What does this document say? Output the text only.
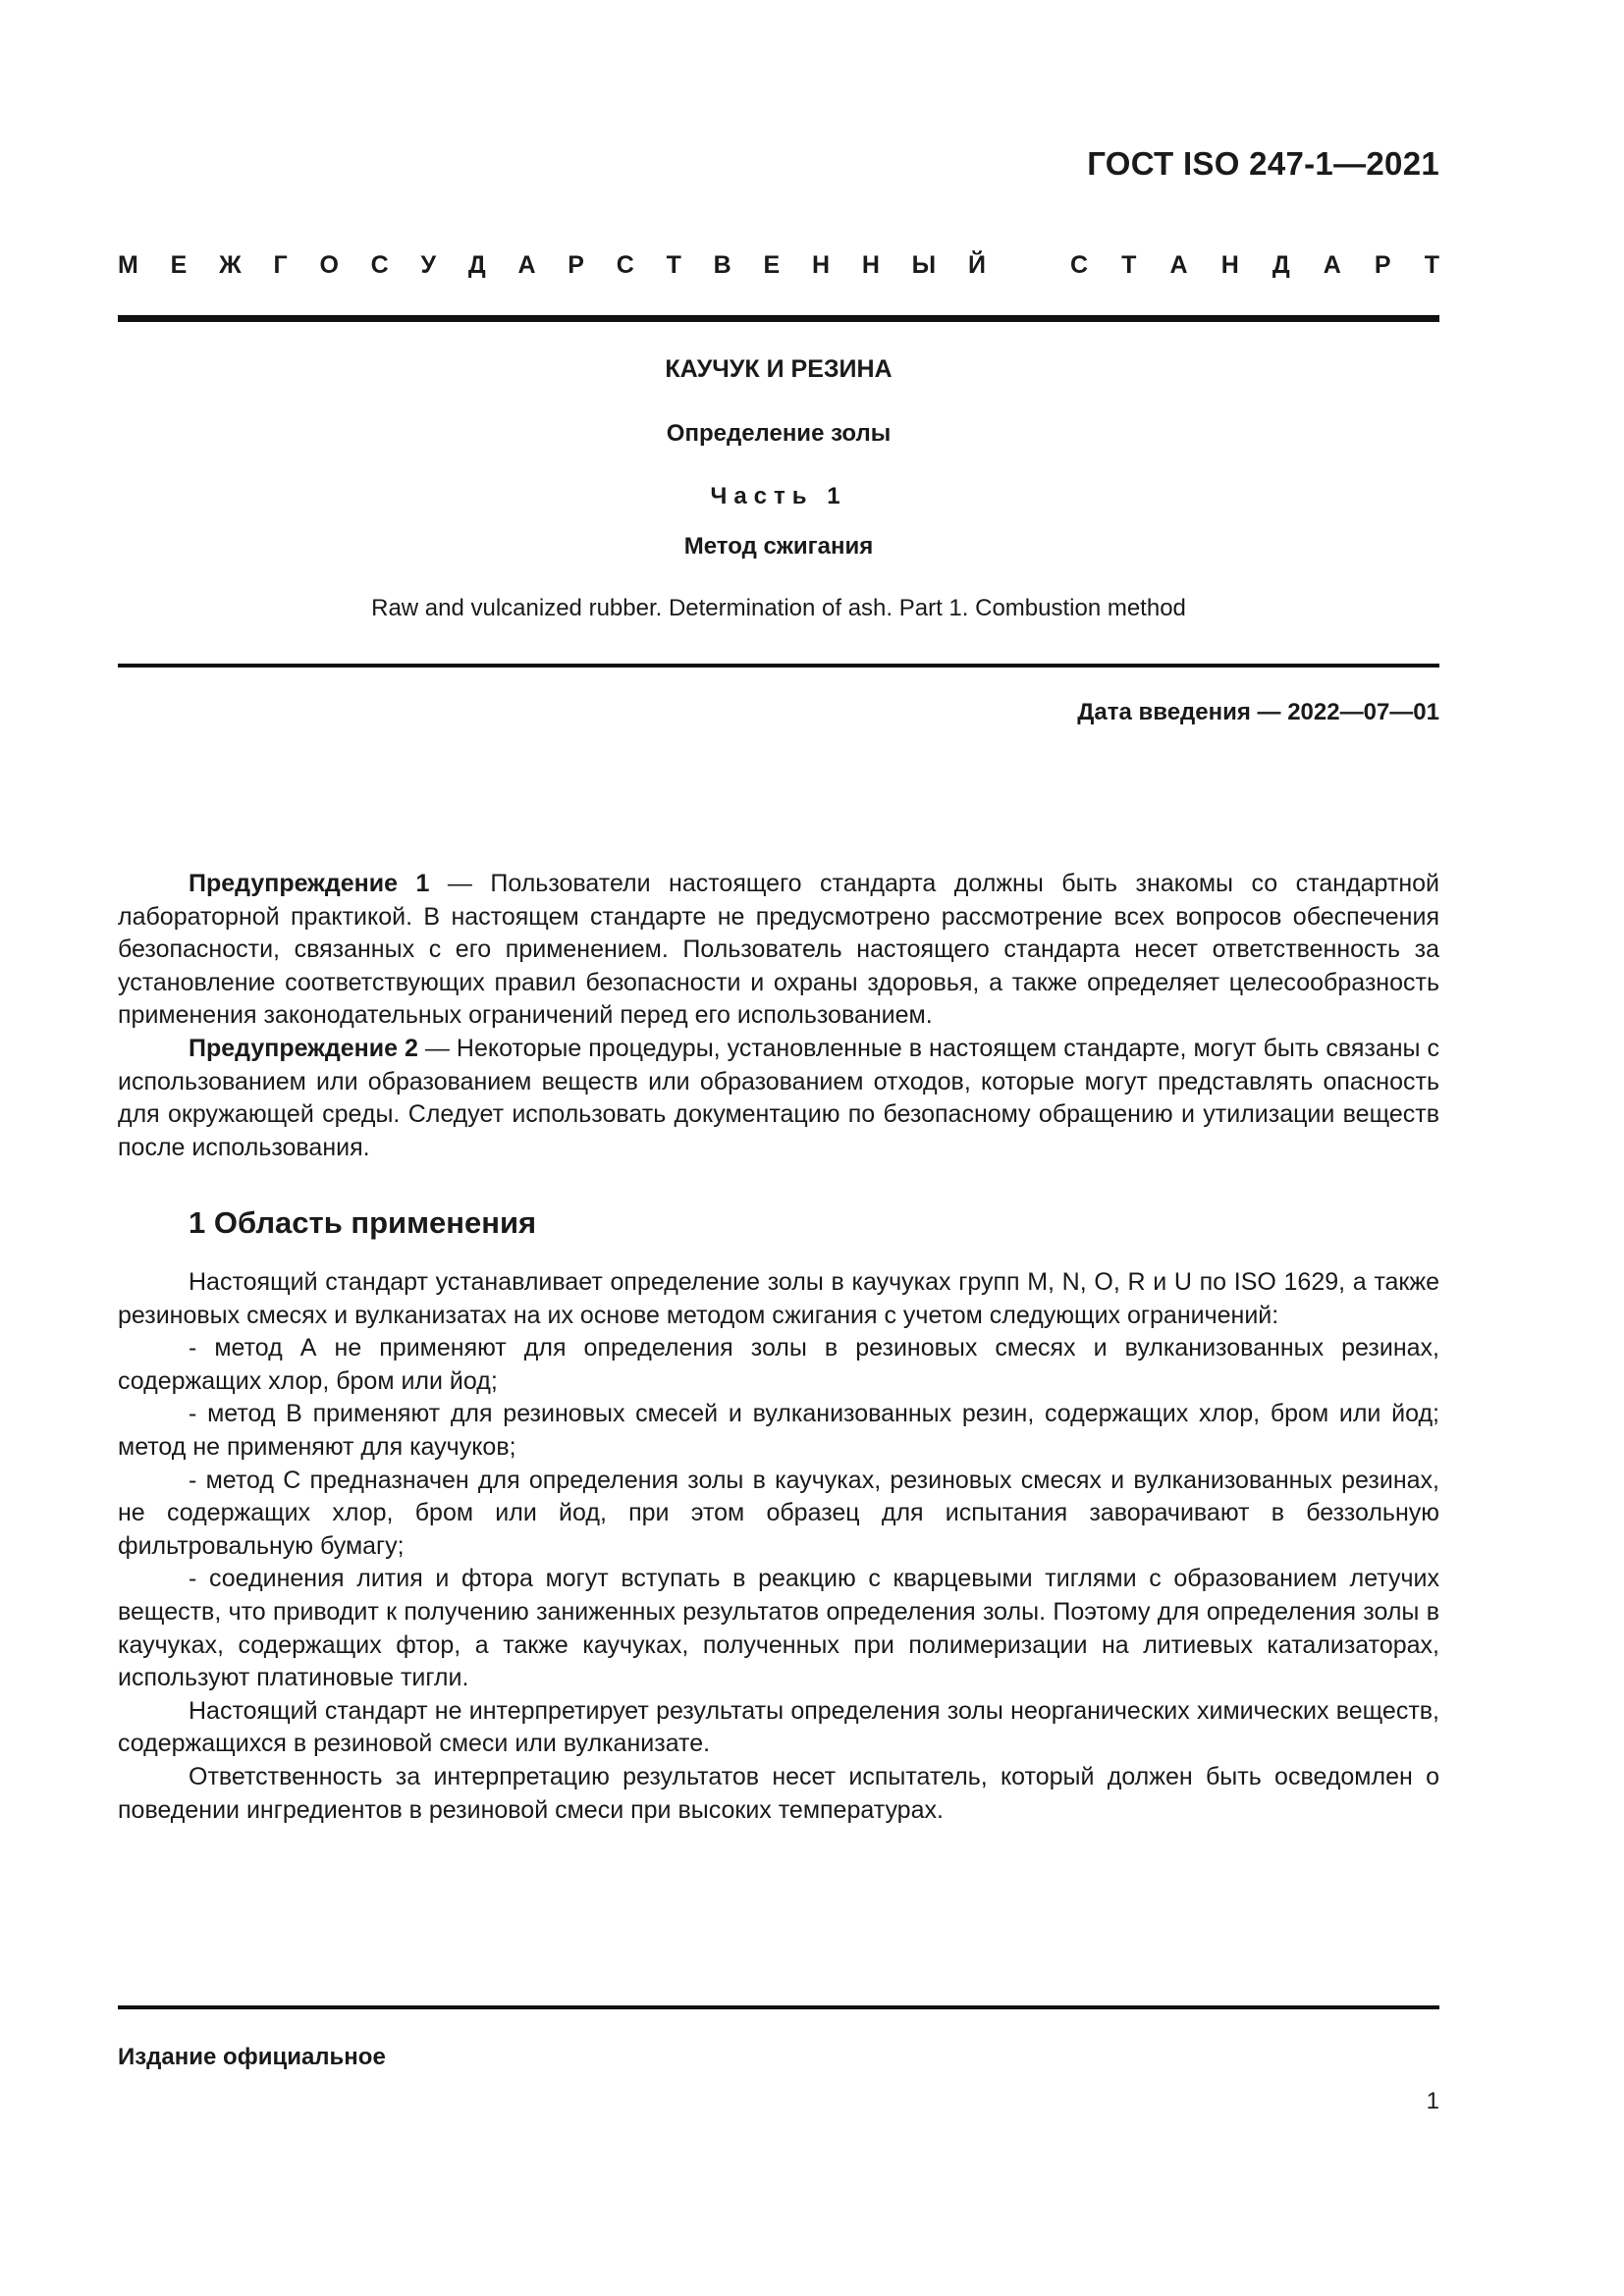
ГОСТ ISO 247-1—2021
М Е Ж Г О С У Д А Р С Т В Е Н Н Ы Й	С Т А Н Д А Р Т
КАУЧУК И РЕЗИНА
Определение золы
Часть 1
Метод сжигания
Raw and vulcanized rubber. Determination of ash. Part 1. Combustion method
Дата введения — 2022—07—01

Предупреждение 1 — Пользователи настоящего стандарта должны быть знакомы со стандартной лабораторной практикой. В настоящем стандарте не предусмотрено рассмотрение всех вопросов обеспечения безопасности, связанных с его применением. Пользователь настоящего стандарта несет ответственность за установление соответствующих правил безопасности и охраны здоровья, а также определяет целесообразность применения законодательных ограничений перед его использованием.

Предупреждение 2 — Некоторые процедуры, установленные в настоящем стандарте, могут быть связаны с использованием или образованием веществ или образованием отходов, которые могут представлять опасность для окружающей среды. Следует использовать документацию по безопасному обращению и утилизации веществ после использования.

1 Область применения

Настоящий стандарт устанавливает определение золы в каучуках групп M, N, O, R и U по ISO 1629, а также резиновых смесях и вулканизатах на их основе методом сжигания с учетом следующих ограничений:

- метод А не применяют для определения золы в резиновых смесях и вулканизованных резинах, содержащих хлор, бром или йод;

- метод В применяют для резиновых смесей и вулканизованных резин, содержащих хлор, бром или йод; метод не применяют для каучуков;

- метод С предназначен для определения золы в каучуках, резиновых смесях и вулканизованных резинах, не содержащих хлор, бром или йод, при этом образец для испытания заворачивают в беззольную фильтровальную бумагу;

- соединения лития и фтора могут вступать в реакцию с кварцевыми тиглями с образованием летучих веществ, что приводит к получению заниженных результатов определения золы. Поэтому для определения золы в каучуках, содержащих фтор, а также каучуках, полученных при полимеризации на литиевых катализаторах, используют платиновые тигли.

Настоящий стандарт не интерпретирует результаты определения золы неорганических химических веществ, содержащихся в резиновой смеси или вулканизате.

Ответственность за интерпретацию результатов несет испытатель, который должен быть осведомлен о поведении ингредиентов в резиновой смеси при высоких температурах.

Издание официальное
1
